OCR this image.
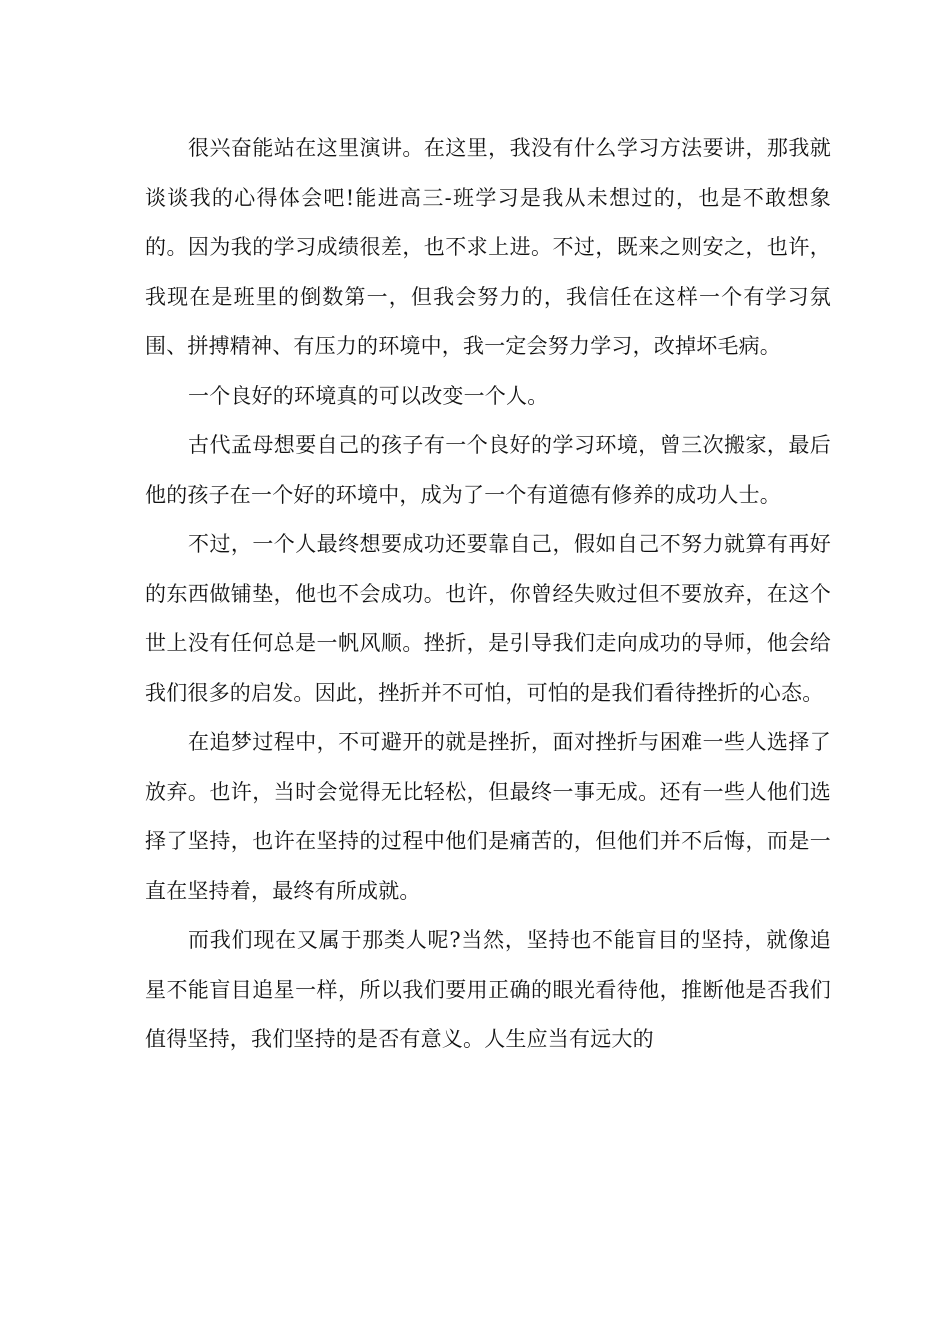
很兴奋能站在这里演讲。在这里，我没有什么学习方法要讲，那我就谈谈我的心得体会吧!能进高三-班学习是我从未想过的，也是不敢想象的。因为我的学习成绩很差，也不求上进。不过，既来之则安之，也许，我现在是班里的倒数第一，但我会努力的，我信任在这样一个有学习氛围、拼搏精神、有压力的环境中，我一定会努力学习，改掉坏毛病。

一个良好的环境真的可以改变一个人。

古代孟母想要自己的孩子有一个良好的学习环境，曾三次搬家，最后他的孩子在一个好的环境中，成为了一个有道德有修养的成功人士。

不过，一个人最终想要成功还要靠自己，假如自己不努力就算有再好的东西做铺垫，他也不会成功。也许，你曾经失败过但不要放弃，在这个世上没有任何总是一帆风顺。挫折，是引导我们走向成功的导师，他会给我们很多的启发。因此，挫折并不可怕，可怕的是我们看待挫折的心态。

在追梦过程中，不可避开的就是挫折，面对挫折与困难一些人选择了放弃。也许，当时会觉得无比轻松，但最终一事无成。还有一些人他们选择了坚持，也许在坚持的过程中他们是痛苦的，但他们并不后悔，而是一直在坚持着，最终有所成就。

而我们现在又属于那类人呢?当然，坚持也不能盲目的坚持，就像追星不能盲目追星一样，所以我们要用正确的眼光看待他，推断他是否我们值得坚持，我们坚持的是否有意义。人生应当有远大的
